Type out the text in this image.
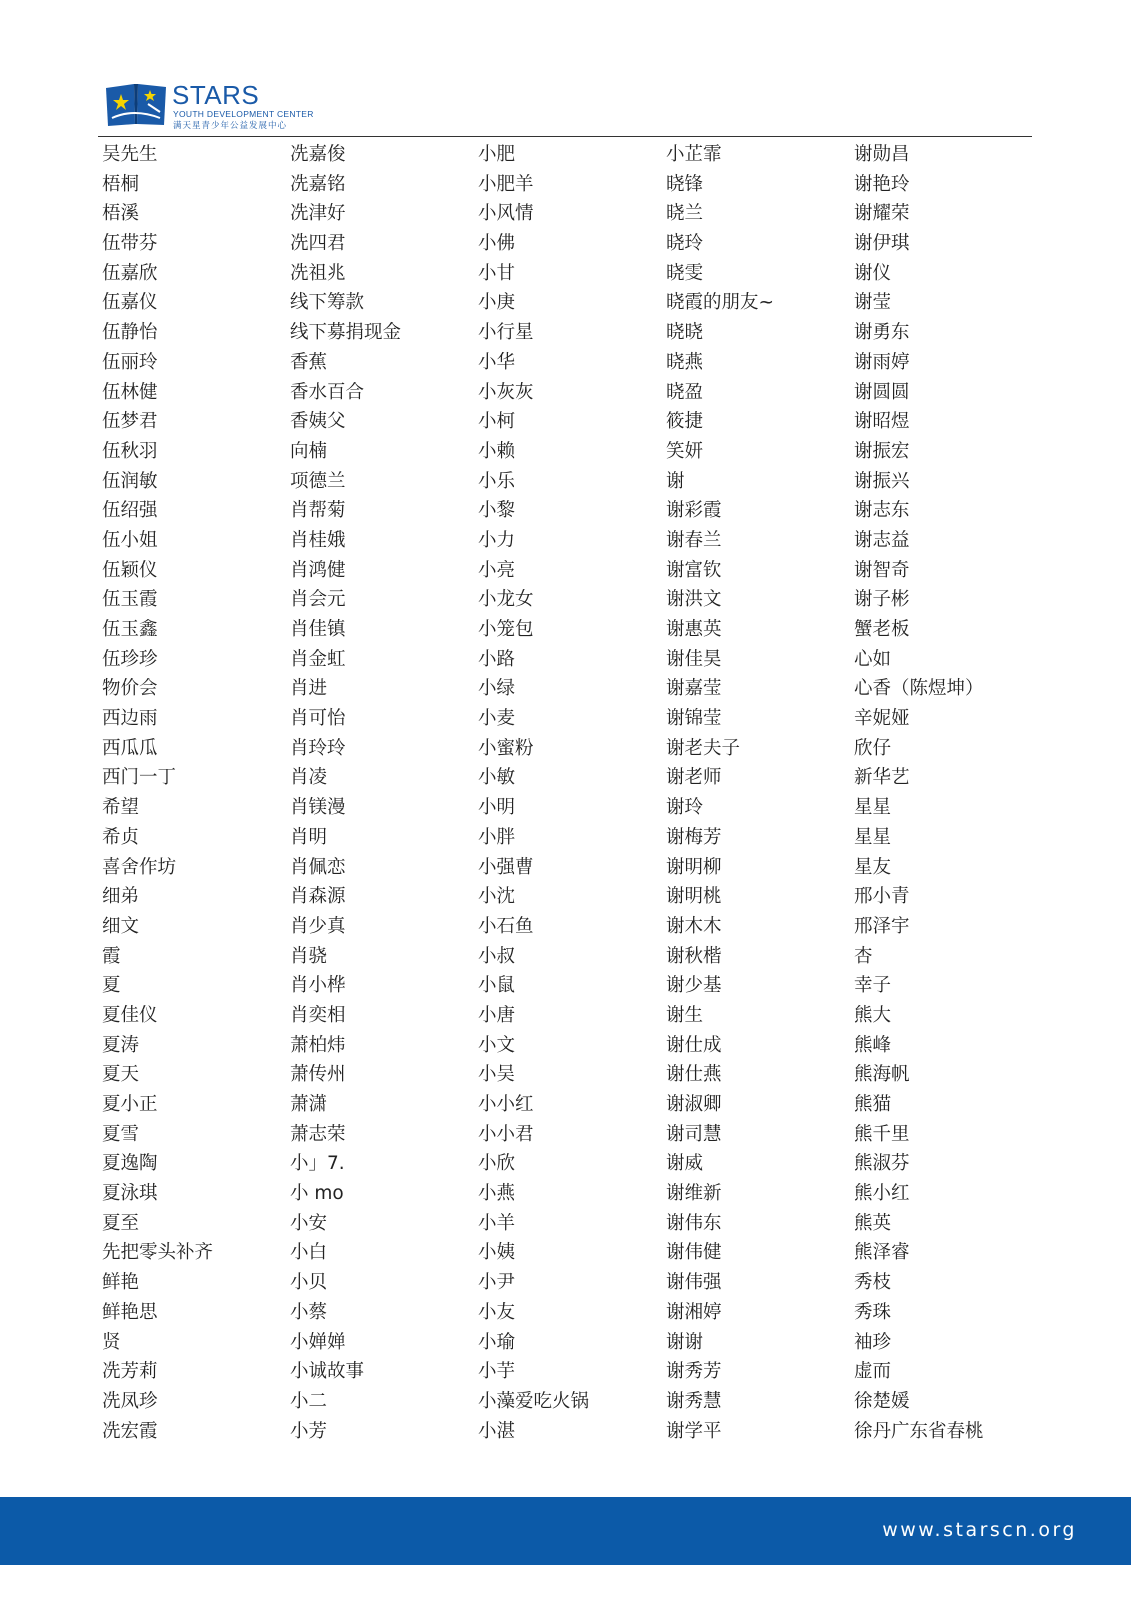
STARS
YOUTH DEVELOPMENT CENTER
满天星青少年公益发展中心
吴先生
梧桐
梧溪
伍带芬
伍嘉欣
伍嘉仪
伍静怡
伍丽玲
伍林健
伍梦君
伍秋羽
伍润敏
伍绍强
伍小姐
伍颖仪
伍玉霞
伍玉鑫
伍珍珍
物价会
西边雨
西瓜瓜
西门一丁
希望
希贞
喜舍作坊
细弟
细文
霞
夏
夏佳仪
夏涛
夏天
夏小正
夏雪
夏逸陶
夏泳琪
夏至
先把零头补齐
鲜艳
鲜艳思
贤
冼芳莉
冼凤珍
冼宏霞
冼嘉俊
冼嘉铭
冼津好
冼四君
冼祖兆
线下筹款
线下募捐现金
香蕉
香水百合
香姨父
向楠
项德兰
肖帮菊
肖桂娥
肖鸿健
肖会元
肖佳镇
肖金虹
肖进
肖可怡
肖玲玲
肖凌
肖镁漫
肖明
肖佩恋
肖森源
肖少真
肖骁
肖小桦
肖奕相
萧柏炜
萧传州
萧潇
萧志荣
小」7.
小 mo
小安
小白
小贝
小蔡
小婵婵
小诚故事
小二
小芳
小肥
小肥羊
小风情
小佛
小甘
小庚
小行星
小华
小灰灰
小柯
小赖
小乐
小黎
小力
小亮
小龙女
小笼包
小路
小绿
小麦
小蜜粉
小敏
小明
小胖
小强曹
小沈
小石鱼
小叔
小鼠
小唐
小文
小吴
小小红
小小君
小欣
小燕
小羊
小姨
小尹
小友
小瑜
小芋
小藻爱吃火锅
小湛
小芷霏
晓锋
晓兰
晓玲
晓雯
晓霞的朋友~
晓晓
晓燕
晓盈
筱捷
笑妍
谢
谢彩霞
谢春兰
谢富钦
谢洪文
谢惠英
谢佳昊
谢嘉莹
谢锦莹
谢老夫子
谢老师
谢玲
谢梅芳
谢明柳
谢明桃
谢木木
谢秋楷
谢少基
谢生
谢仕成
谢仕燕
谢淑卿
谢司慧
谢威
谢维新
谢伟东
谢伟健
谢伟强
谢湘婷
谢谢
谢秀芳
谢秀慧
谢学平
谢勋昌
谢艳玲
谢耀荣
谢伊琪
谢仪
谢莹
谢勇东
谢雨婷
谢圆圆
谢昭煜
谢振宏
谢振兴
谢志东
谢志益
谢智奇
谢子彬
蟹老板
心如
心香（陈煜坤）
辛妮娅
欣仔
新华艺
星星
星星
星友
邢小青
邢泽宇
杏
幸子
熊大
熊峰
熊海帆
熊猫
熊千里
熊淑芬
熊小红
熊英
熊泽睿
秀枝
秀珠
袖珍
虚而
徐楚媛
徐丹广东省春桃
www.starscn.org
